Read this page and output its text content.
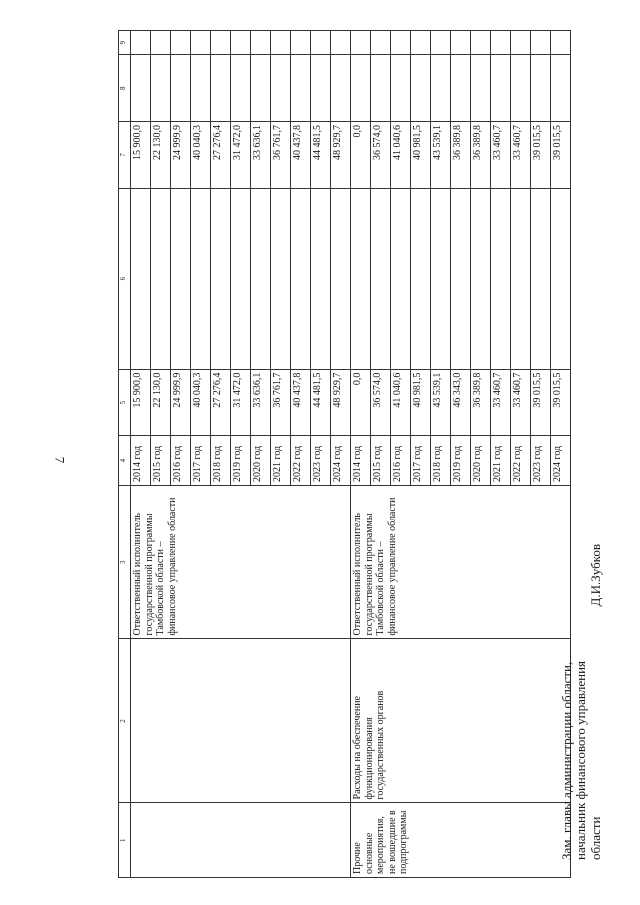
7
1	2	3	4	5	6	7	8	9
		Ответственный исполнитель государственной программы Тамбовской области – финансовое управление области	2014 год	15 900,0		15 900,0		
			2015 год	22 130,0		22 130,0		
			2016 год	24 999,9		24 999,9		
			2017 год	40 040,3		40 040,3		
			2018 год	27 276,4		27 276,4		
			2019 год	31 472,0		31 472,0		
			2020 год	33 636,1		33 636,1		
			2021 год	36 761,7		36 761,7		
			2022 год	40 437,8		40 437,8		
			2023 год	44 481,5		44 481,5		
			2024 год	48 929,7		48 929,7		
Прочие основные мероприятия, не вошедшие в подпрограммы	Расходы на обеспечение функционирования государственных органов	Ответственный исполнитель государственной программы Тамбовской области – финансовое управление области	2014 год	0,0		0,0		
			2015 год	36 574,0		36 574,0		
			2016 год	41 040,6		41 040,6		
			2017 год	40 981,5		40 981,5		
			2018 год	43 539,1		43 539,1		
			2019 год	46 343,0		36 389,8		
			2020 год	36 389,8		36 389,8		
			2021 год	33 460,7		33 460,7		
			2022 год	33 460,7		33 460,7		
			2023 год	39 015,5		39 015,5		
			2024 год	39 015,5		39 015,5		
Зам. главы администрации области, начальник финансового управления областиД.И.Зубков
